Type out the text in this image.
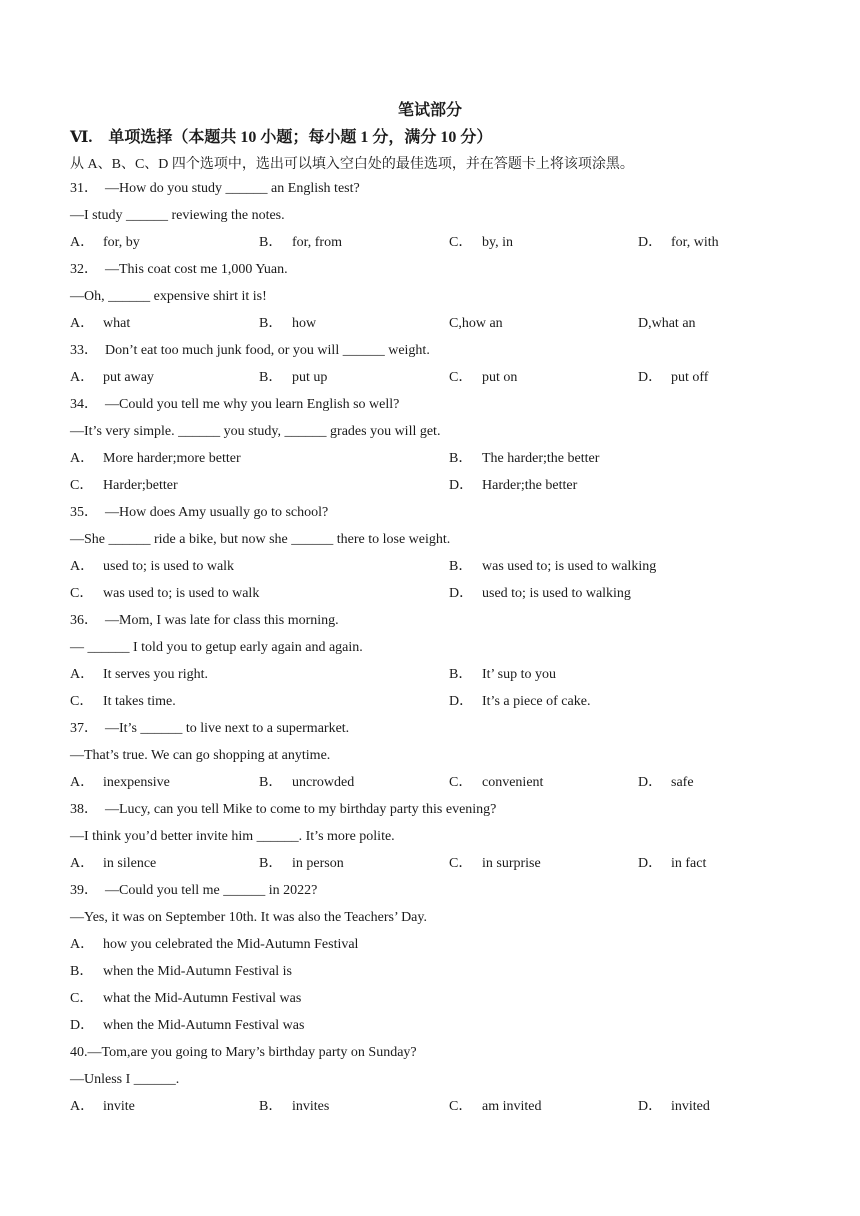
笔试部分
Ⅵ.　单项选择（本题共 10 小题；每小题 1 分，满分 10 分）
从 A、B、C、D 四个选项中，选出可以填入空白处的最佳选项，并在答题卡上将该项涂黑。
31．　—How do you study ______ an English test?
—I study ______ reviewing the notes.
A． for, by	B． for, from	C． by, in	D． for, with
32．　—This coat cost me 1,000 Yuan.
—Oh, ______ expensive shirt it is!
A． what	B． how	C,how an	D,what an
33．　Don’t eat too much junk food, or you will ______ weight.
A． put away	B． put up	C． put on	D． put off
34．　—Could you tell me why you learn English so well?
—It’s very simple. ______ you study, ______ grades you will get.
A． More harder;more better	B． The harder;the better
C． Harder;better	D． Harder;the better
35．　—How does Amy usually go to school?
—She ______ ride a bike, but now she ______ there to lose weight.
A． used to; is used to walk	B． was used to; is used to walking
C． was used to; is used to walk	D． used to; is used to walking
36．　—Mom, I was late for class this morning.
— ______ I told you to getup early again and again.
A． It serves you right.	B． It’ sup to you
C． It takes time.	D． It’s a piece of cake.
37．　—It’s ______ to live next to a supermarket.
—That’s true. We can go shopping at anytime.
A． inexpensive	B． uncrowded	C． convenient	D． safe
38．　—Lucy, can you tell Mike to come to my birthday party this evening?
—I think you’d better invite him ______. It’s more polite.
A． in silence	B． in person	C． in surprise	D． in fact
39．　—Could you tell me ______ in 2022?
—Yes, it was on September 10th. It was also the Teachers’ Day.
A． how you celebrated the Mid-Autumn Festival
B． when the Mid-Autumn Festival is
C． what the Mid-Autumn Festival was
D． when the Mid-Autumn Festival was
40.—Tom,are you going to Mary’s birthday party on Sunday?
—Unless I ______.
A． invite	B． invites	C． am invited	D． invited
